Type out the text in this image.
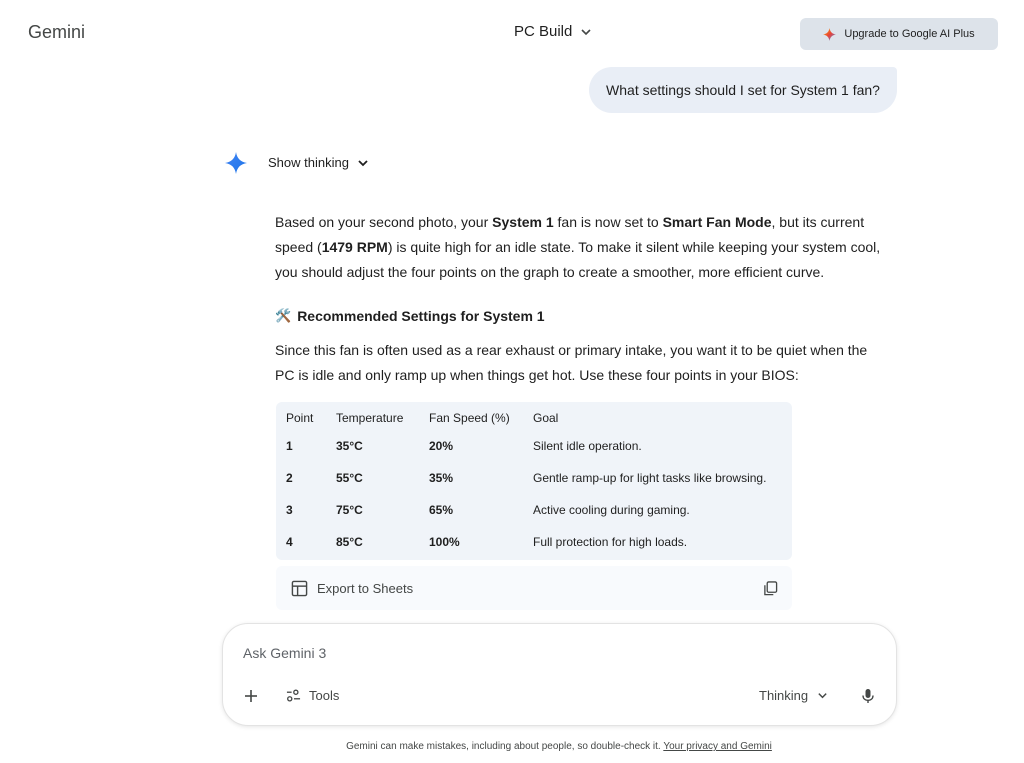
Gemini	PC Build	Upgrade to Google AI Plus
What settings should I set for System 1 fan?
Show thinking
Based on your second photo, your System 1 fan is now set to Smart Fan Mode, but its current speed (1479 RPM) is quite high for an idle state. To make it silent while keeping your system cool, you should adjust the four points on the graph to create a smoother, more efficient curve.
🛠️ Recommended Settings for System 1
Since this fan is often used as a rear exhaust or primary intake, you want it to be quiet when the PC is idle and only ramp up when things get hot. Use these four points in your BIOS:
Point	Temperature	Fan Speed (%)	Goal
1	35°C	20%	Silent idle operation.
2	55°C	35%	Gentle ramp-up for light tasks like browsing.
3	75°C	65%	Active cooling during gaming.
4	85°C	100%	Full protection for high loads.
Export to Sheets
Ask Gemini 3
Tools	Thinking
Gemini can make mistakes, including about people, so double-check it. Your privacy and Gemini
